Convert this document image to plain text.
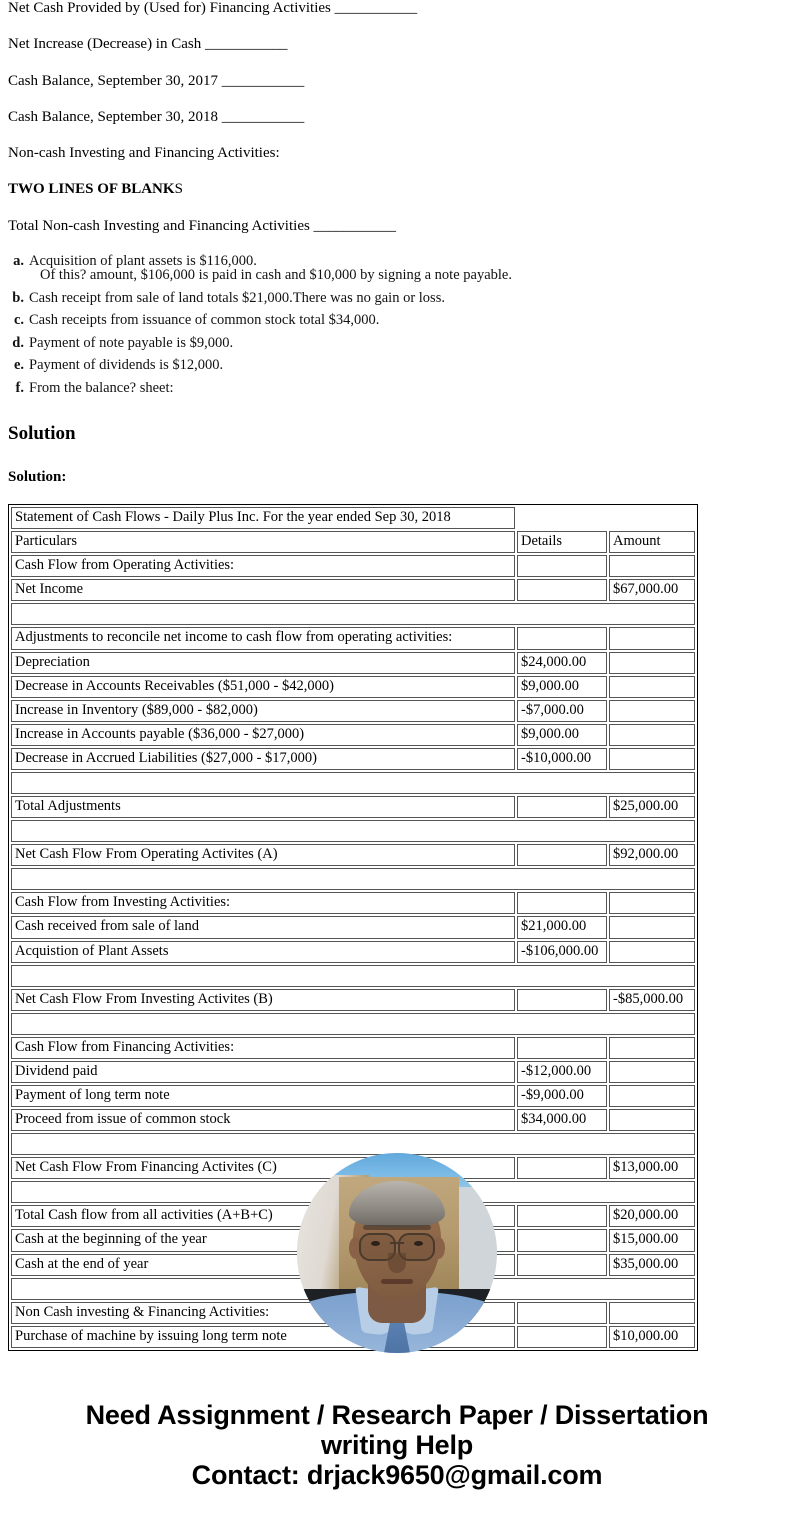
Net Cash Provided by (Used for) Financing Activities ___________

Net Increase (Decrease) in Cash ___________

Cash Balance, September 30, 2017 ___________

Cash Balance, September 30, 2018 ___________

Non-cash Investing and Financing Activities:

TWO LINES OF BLANKS

Total Non-cash Investing and Financing Activities ___________

a. Acquisition of plant assets is $116,000.
Of this? amount, $106,000 is paid in cash and $10,000 by signing a note payable.
b. Cash receipt from sale of land totals $21,000.There was no gain or loss.
c. Cash receipts from issuance of common stock total $34,000.
d. Payment of note payable is $9,000.
e. Payment of dividends is $12,000.
f. From the balance? sheet:
Solution
Solution:
Statement of Cash Flows - Daily Plus Inc. For the year ended Sep 30, 2018		
Particulars	Details	Amount
Cash Flow from Operating Activities:		
Net Income		$67,000.00

Adjustments to reconcile net income to cash flow from operating activities:		
Depreciation	$24,000.00	
Decrease in Accounts Receivables ($51,000 - $42,000)	$9,000.00	
Increase in Inventory ($89,000 - $82,000)	-$7,000.00	
Increase in Accounts payable ($36,000 - $27,000)	$9,000.00	
Decrease in Accrued Liabilities ($27,000 - $17,000)	-$10,000.00	

Total Adjustments		$25,000.00

Net Cash Flow From Operating Activites (A)		$92,000.00

Cash Flow from Investing Activities:		
Cash received from sale of land	$21,000.00	
Acquistion of Plant Assets	-$106,000.00	

Net Cash Flow From Investing Activites (B)		-$85,000.00

Cash Flow from Financing Activities:		
Dividend paid	-$12,000.00	
Payment of long term note	-$9,000.00	
Proceed from issue of common stock	$34,000.00	

Net Cash Flow From Financing Activites (C)		$13,000.00

Total Cash flow from all activities (A+B+C)		$20,000.00
Cash at the beginning of the year		$15,000.00
Cash at the end of year		$35,000.00

Non Cash investing & Financing Activities:		
Purchase of machine by issuing long term note		$10,000.00
Need Assignment / Research Paper / Dissertation
writing Help
Contact: drjack9650@gmail.com
